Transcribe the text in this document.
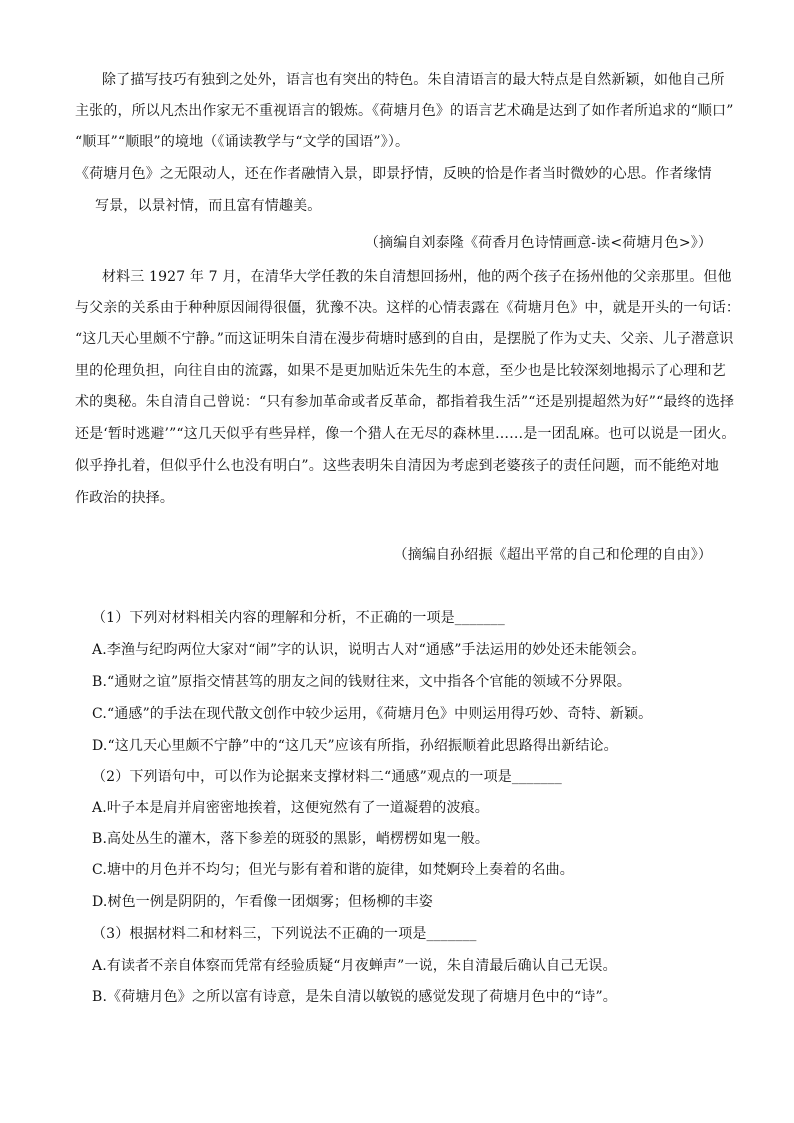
除了描写技巧有独到之处外，语言也有突出的特色。朱自清语言的最大特点是自然新颖，如他自己所
主张的，所以凡杰出作家无不重视语言的锻炼。《荷塘月色》的语言艺术确是达到了如作者所追求的“顺口”
“顺耳”“顺眼”的境地（《诵读教学与“文学的国语”》）。
《荷塘月色》之无限动人，还在作者融情入景，即景抒情，反映的恰是作者当时微妙的心思。作者缘情
写景，以景衬情，而且富有情趣美。
（摘编自刘泰隆《荷香月色诗情画意-读<荷塘月色>》）
材料三 1927 年 7 月，在清华大学任教的朱自清想回扬州，他的两个孩子在扬州他的父亲那里。但他
与父亲的关系由于种种原因闹得很僵，犹豫不决。这样的心情表露在《荷塘月色》中，就是开头的一句话：
“这几天心里颇不宁静。”而这证明朱自清在漫步荷塘时感到的自由，是摆脱了作为丈夫、父亲、儿子潜意识
里的伦理负担，向往自由的流露，如果不是更加贴近朱先生的本意，至少也是比较深刻地揭示了心理和艺
术的奥秘。朱自清自己曾说：“只有参加革命或者反革命，都指着我生活”“还是别提超然为好”“最终的选择
还是‘暂时逃避’”“这几天似乎有些异样，像一个猎人在无尽的森林里……是一团乱麻。也可以说是一团火。
似乎挣扎着，但似乎什么也没有明白”。这些表明朱自清因为考虑到老婆孩子的责任问题，而不能绝对地
作政治的抉择。
（摘编自孙绍振《超出平常的自己和伦理的自由》）
（1）下列对材料相关内容的理解和分析，不正确的一项是_______
A.李渔与纪昀两位大家对“闹”字的认识，说明古人对“通感”手法运用的妙处还未能领会。
B.“通财之谊”原指交情甚笃的朋友之间的钱财往来，文中指各个官能的领域不分界限。
C.“通感”的手法在现代散文创作中较少运用，《荷塘月色》中则运用得巧妙、奇特、新颖。
D.“这几天心里颇不宁静”中的“这几天”应该有所指，孙绍振顺着此思路得出新结论。
（2）下列语句中，可以作为论据来支撑材料二“通感”观点的一项是_______
A.叶子本是肩并肩密密地挨着，这便宛然有了一道凝碧的波痕。
B.高处丛生的灌木，落下参差的斑驳的黑影，峭楞楞如鬼一般。
C.塘中的月色并不均匀；但光与影有着和谐的旋律，如梵婀玲上奏着的名曲。
D.树色一例是阴阴的，乍看像一团烟雾；但杨柳的丰姿
（3）根据材料二和材料三，下列说法不正确的一项是_______
A.有读者不亲自体察而凭常有经验质疑“月夜蝉声”一说，朱自清最后确认自己无误。
B.《荷塘月色》之所以富有诗意，是朱自清以敏锐的感觉发现了荷塘月色中的“诗”。
